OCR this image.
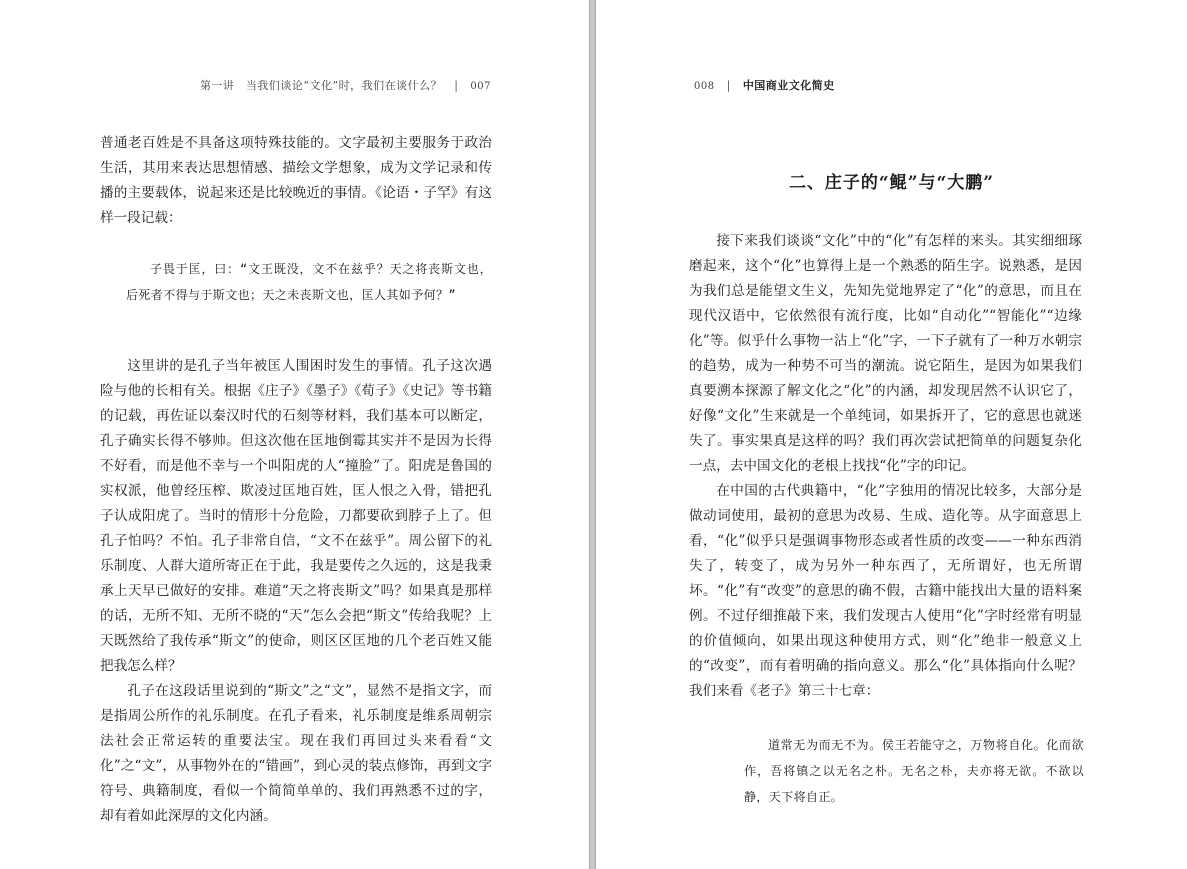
第一讲　当我们谈论“文化”时，我们在谈什么？ | 007

普通老百姓是不具备这项特殊技能的。文字最初主要服务于政治生活，其用来表达思想情感、描绘文学想象，成为文学记录和传播的主要载体，说起来还是比较晚近的事情。《论语・子罕》有这样一段记载：

子畏于匡，曰：“文王既没，文不在兹乎？天之将丧斯文也，后死者不得与于斯文也；天之未丧斯文也，匡人其如予何？”

这里讲的是孔子当年被匡人围困时发生的事情。孔子这次遇险与他的长相有关。根据《庄子》《墨子》《荀子》《史记》等书籍的记载，再佐证以秦汉时代的石刻等材料，我们基本可以断定，孔子确实长得不够帅。但这次他在匡地倒霉其实并不是因为长得不好看，而是他不幸与一个叫阳虎的人“撞脸”了。阳虎是鲁国的实权派，他曾经压榨、欺凌过匡地百姓，匡人恨之入骨，错把孔子认成阳虎了。当时的情形十分危险，刀都要砍到脖子上了。但孔子怕吗？不怕。孔子非常自信，“文不在兹乎”。周公留下的礼乐制度、人群大道所寄正在于此，我是要传之久远的，这是我秉承上天早已做好的安排。难道“天之将丧斯文”吗？如果真是那样的话，无所不知、无所不晓的“天”怎么会把“斯文”传给我呢？上天既然给了我传承“斯文”的使命，则区区匡地的几个老百姓又能把我怎么样？

孔子在这段话里说到的“斯文”之“文”，显然不是指文字，而是指周公所作的礼乐制度。在孔子看来，礼乐制度是维系周朝宗法社会正常运转的重要法宝。现在我们再回过头来看看“文化”之“文”，从事物外在的“错画”，到心灵的装点修饰，再到文字符号、典籍制度，看似一个简简单单的、我们再熟悉不过的字，却有着如此深厚的文化内涵。

008 | 中国商业文化简史
二、庄子的“鲲”与“大鹏”

接下来我们谈谈“文化”中的“化”有怎样的来头。其实细细琢磨起来，这个“化”也算得上是一个熟悉的陌生字。说熟悉，是因为我们总是能望文生义，先知先觉地界定了“化”的意思，而且在现代汉语中，它依然很有流行度，比如“自动化”“智能化”“边缘化”等。似乎什么事物一沾上“化”字，一下子就有了一种万水朝宗的趋势，成为一种势不可当的潮流。说它陌生，是因为如果我们真要溯本探源了解文化之“化”的内涵，却发现居然不认识它了，好像“文化”生来就是一个单纯词，如果拆开了，它的意思也就迷失了。事实果真是这样的吗？我们再次尝试把简单的问题复杂化一点，去中国文化的老根上找找“化”字的印记。

在中国的古代典籍中，“化”字独用的情况比较多，大部分是做动词使用，最初的意思为改易、生成、造化等。从字面意思上看，“化”似乎只是强调事物形态或者性质的改变——一种东西消失了，转变了，成为另外一种东西了，无所谓好，也无所谓坏。“化”有“改变”的意思的确不假，古籍中能找出大量的语料案例。不过仔细推敲下来，我们发现古人使用“化”字时经常有明显的价值倾向，如果出现这种使用方式，则“化”绝非一般意义上的“改变”，而有着明确的指向意义。那么“化”具体指向什么呢？我们来看《老子》第三十七章：

道常无为而无不为。侯王若能守之，万物将自化。化而欲作，吾将镇之以无名之朴。无名之朴，夫亦将无欲。不欲以静，天下将自正。
